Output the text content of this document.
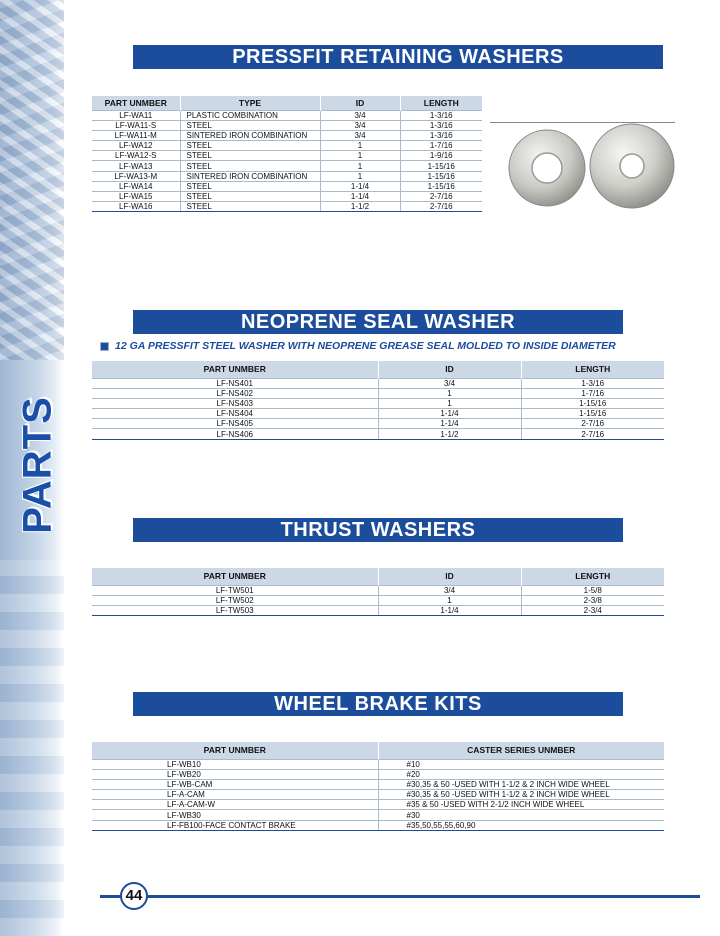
PARTS
PRESSFIT RETAINING WASHERS
PART UNMBER	TYPE	ID	LENGTH
LF-WA11	PLASTIC COMBINATION	3/4	1-3/16
LF-WA11-S	STEEL	3/4	1-3/16
LF-WA11-M	SINTERED IRON COMBINATION	3/4	1-3/16
LF-WA12	STEEL	1	1-7/16
LF-WA12-S	STEEL	1	1-9/16
LF-WA13	STEEL	1	1-15/16
LF-WA13-M	SINTERED IRON COMBINATION	1	1-15/16
LF-WA14	STEEL	1-1/4	1-15/16
LF-WA15	STEEL	1-1/4	2-7/16
LF-WA16	STEEL	1-1/2	2-7/16
NEOPRENE SEAL WASHER
12 GA PRESSFIT STEEL WASHER WITH NEOPRENE GREASE SEAL MOLDED TO INSIDE DIAMETER
PART UNMBER	ID	LENGTH
LF-NS401	3/4	1-3/16
LF-NS402	1	1-7/16
LF-NS403	1	1-15/16
LF-NS404	1-1/4	1-15/16
LF-NS405	1-1/4	2-7/16
LF-NS406	1-1/2	2-7/16
THRUST WASHERS
PART UNMBER	ID	LENGTH
LF-TW501	3/4	1-5/8
LF-TW502	1	2-3/8
LF-TW503	1-1/4	2-3/4
WHEEL BRAKE KITS
PART UNMBER	CASTER SERIES UNMBER
LF-WB10	#10
LF-WB20	#20
LF-WB-CAM	#30,35 & 50 -USED WITH 1-1/2 & 2 INCH WIDE WHEEL
LF-A-CAM	#30,35 & 50 -USED WITH 1-1/2 & 2 INCH WIDE WHEEL
LF-A-CAM-W	#35 & 50 -USED WITH 2-1/2 INCH WIDE WHEEL
LF-WB30	#30
LF-FB100-FACE CONTACT BRAKE	#35,50,55,55,60,90
44
